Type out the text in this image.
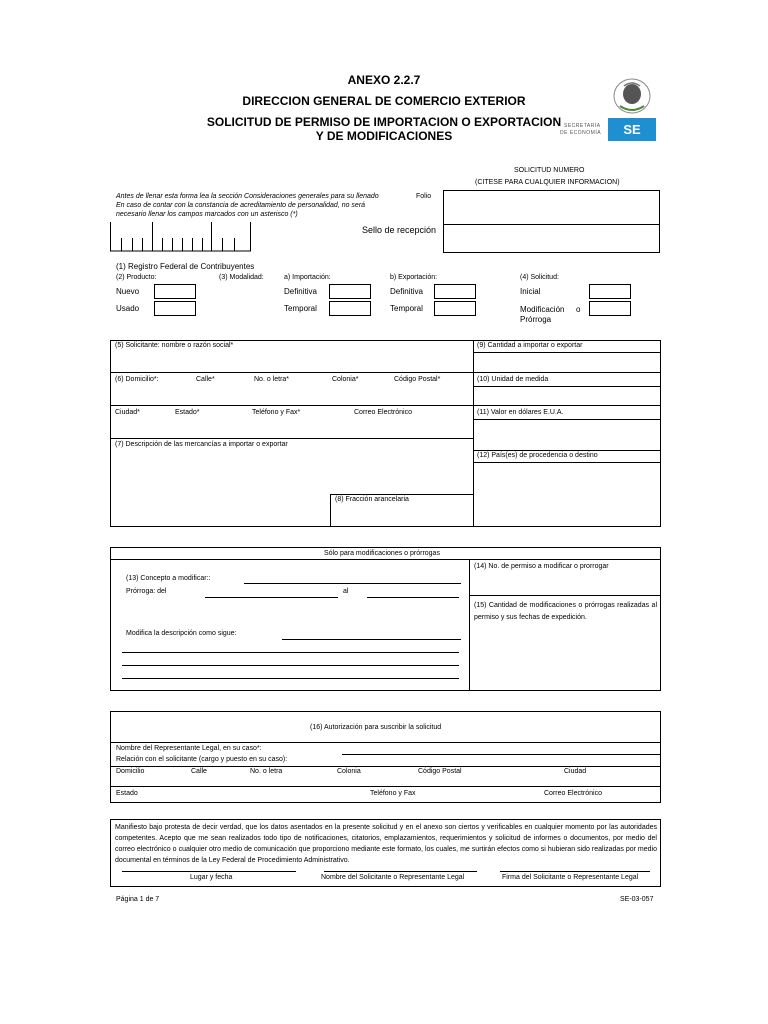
ANEXO 2.2.7
DIRECCION GENERAL DE COMERCIO EXTERIOR
SOLICITUD DE PERMISO DE IMPORTACION O EXPORTACION
Y DE MODIFICACIONES
SECRETARÍA
DE ECONOMÍA	SE
SOLICITUD NUMERO
(CITESE PARA CUALQUIER INFORMACION)
Antes de llenar esta forma lea la sección Consideraciones generales para su llenado
En caso de contar con la constancia de acreditamiento de personalidad, no será
necesario llenar los campos marcados con un asterisco (*)
Folio
Sello de recepción
(1) Registro Federal de Contribuyentes
(2) Producto:
Nuevo
Usado
(3) Modalidad:	a) Importación:
Definitiva
Temporal
b) Exportación:
Definitiva
Temporal
(4) Solicitud:
Inicial
Modificación o
Prórroga
(5) Solicitante: nombre o razón social*	(9) Cantidad a importar o exportar
(6) Domicilio*:	Calle*	No. o letra*	Colonia*	Código Postal*	(10) Unidad de medida
Ciudad*	Estado*	Teléfono y Fax*	Correo Electrónico	(11) Valor en dólares E.U.A.
(7) Descripción de las mercancías a importar o exportar
(12) País(es) de procedencia o destino
(8) Fracción arancelaria
Sólo para modificaciones o prórrogas
(13) Concepto a modificar::
Prórroga: del	al
Modifica la descripción como sigue:
(14) No. de permiso a modificar o prorrogar
(15) Cantidad de modificaciones o prórrogas realizadas al permiso y sus fechas de expedición.
(16) Autorización para suscribir la solicitud
Nombre del Representante Legal, en su caso*:
Relación con el solicitante (cargo y puesto en su caso):
Domicilio	Calle	No. o letra	Colonia	Código Postal	Ciudad
Estado	Teléfono y Fax	Correo Electrónico
Manifiesto bajo protesta de decir verdad, que los datos asentados en la presente solicitud y en el anexo son ciertos y verificables en cualquier momento por las autoridades competentes. Acepto que me sean realizados todo tipo de notificaciones, citatorios, emplazamientos, requerimientos y solicitud de informes o documentos, por medio del correo electrónico o cualquier otro medio de comunicación que proporciono mediante este formato, los cuales, me surtirán efectos como si hubieran sido realizadas por medio documental en términos de la Ley Federal de Procedimiento Administrativo.
Lugar y fecha	Nombre del Solicitante o Representante Legal	Firma del Solicitante o Representante Legal
Página 1 de 7	SE-03-057
